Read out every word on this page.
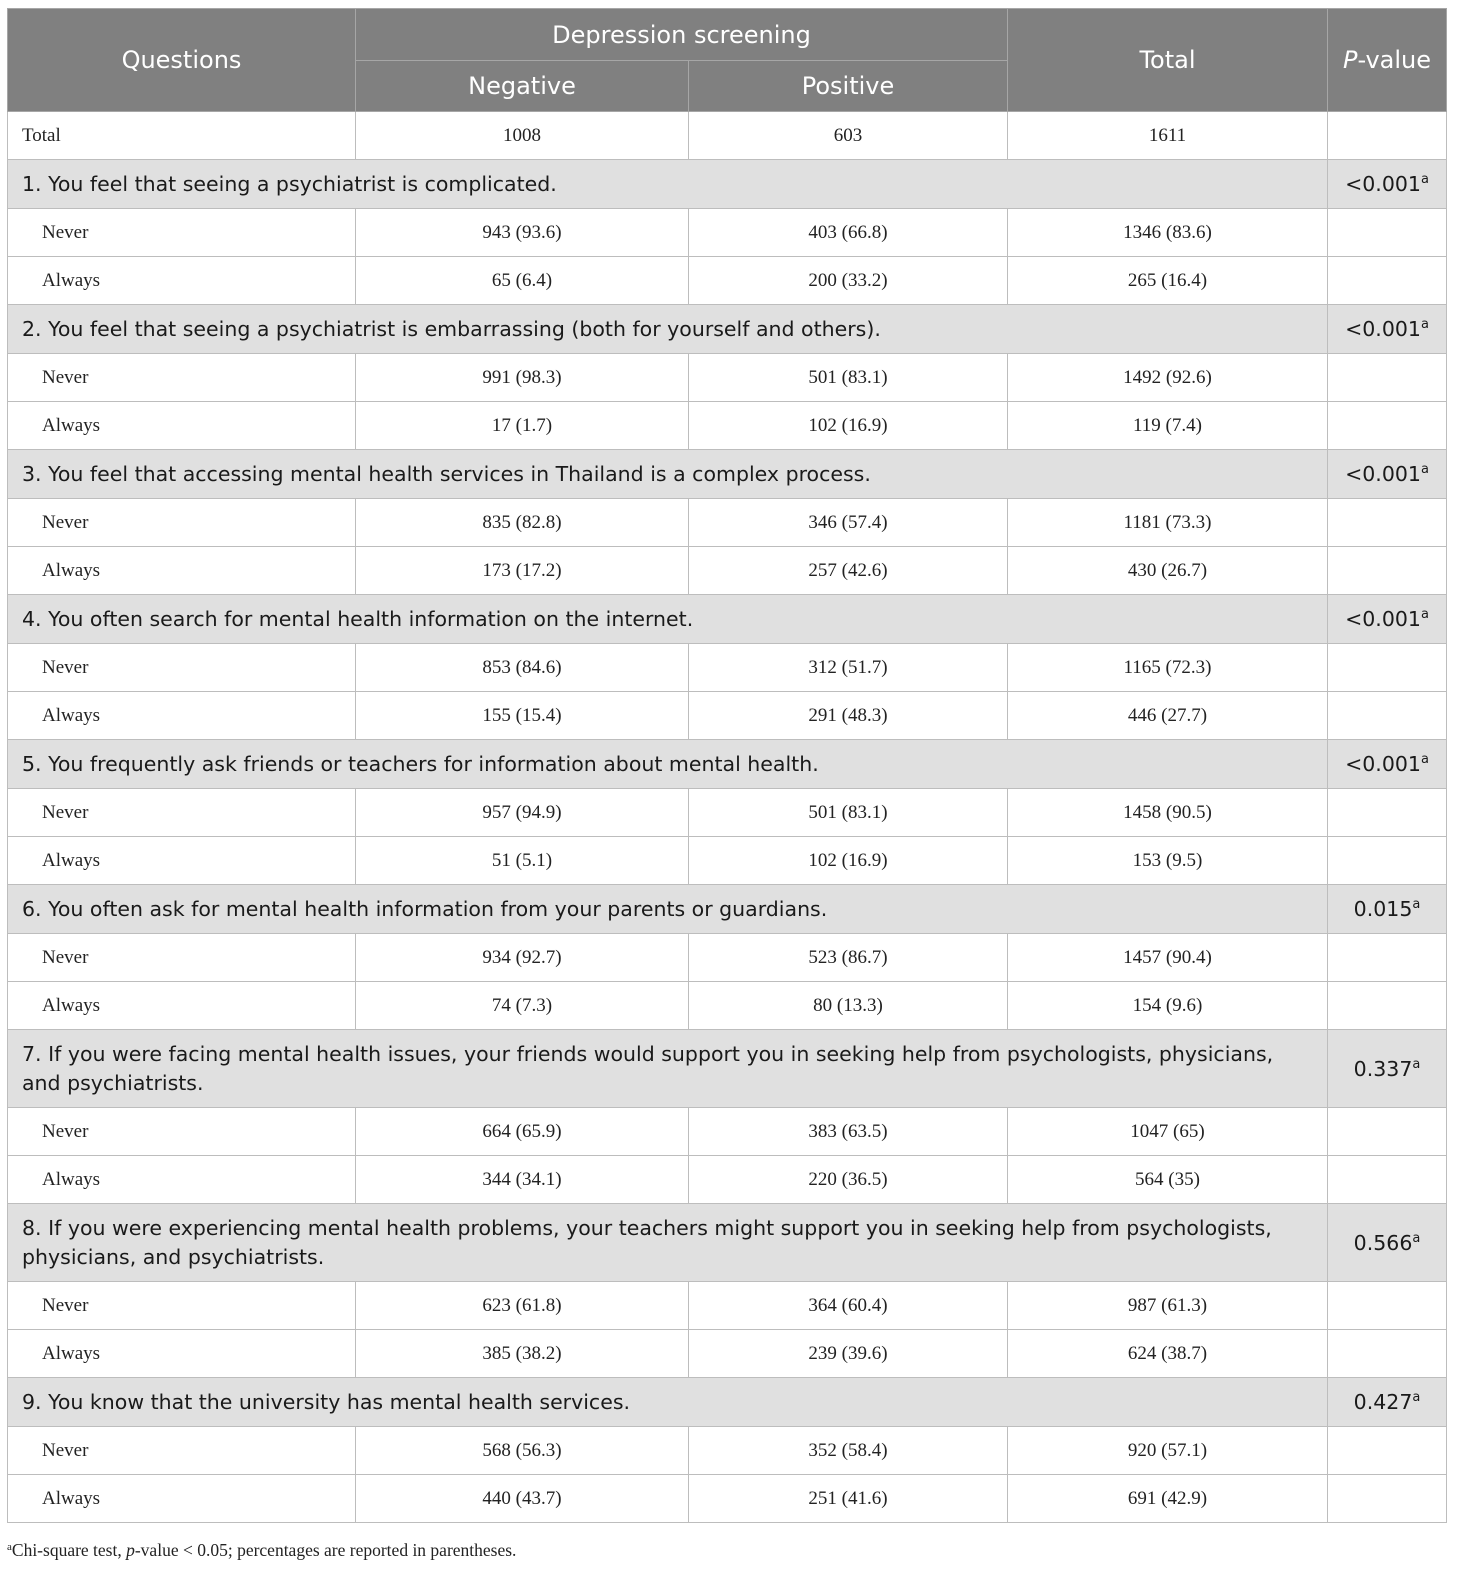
Questions	Depression screening		Total	P-value
	Negative	Positive		
Total	1008	603	1611	
1. You feel that seeing a psychiatrist is complicated.				<0.001$^a$
Never	943 (93.6)	403 (66.8)	1346 (83.6)	
Always	65 (6.4)	200 (33.2)	265 (16.4)	
2. You feel that seeing a psychiatrist is embarrassing (both for yourself and others).				<0.001$^a$
Never	991 (98.3)	501 (83.1)	1492 (92.6)	
Always	17 (1.7)	102 (16.9)	119 (7.4)	
3. You feel that accessing mental health services in Thailand is a complex process.				<0.001$^a$
Never	835 (82.8)	346 (57.4)	1181 (73.3)	
Always	173 (17.2)	257 (42.6)	430 (26.7)	
4. You often search for mental health information on the internet.				<0.001$^a$
Never	853 (84.6)	312 (51.7)	1165 (72.3)	
Always	155 (15.4)	291 (48.3)	446 (27.7)	
5. You frequently ask friends or teachers for information about mental health.				<0.001$^a$
Never	957 (94.9)	501 (83.1)	1458 (90.5)	
Always	51 (5.1)	102 (16.9)	153 (9.5)	
6. You often ask for mental health information from your parents or guardians.				0.015$^a$
Never	934 (92.7)	523 (86.7)	1457 (90.4)	
Always	74 (7.3)	80 (13.3)	154 (9.6)	
7. If you were facing mental health issues, your friends would support you in seeking help from psychologists, physicians, and psychiatrists.				0.337$^a$
Never	664 (65.9)	383 (63.5)	1047 (65)	
Always	344 (34.1)	220 (36.5)	564 (35)	
8. If you were experiencing mental health problems, your teachers might support you in seeking help from psychologists, physicians, and psychiatrists.				0.566$^a$
Never	623 (61.8)	364 (60.4)	987 (61.3)	
Always	385 (38.2)	239 (39.6)	624 (38.7)	
9. You know that the university has mental health services.				0.427$^a$
Never	568 (56.3)	352 (58.4)	920 (57.1)	
Always	440 (43.7)	251 (41.6)	691 (42.9)	
$^a$Chi-square test, p-value < 0.05; percentages are reported in parentheses.
